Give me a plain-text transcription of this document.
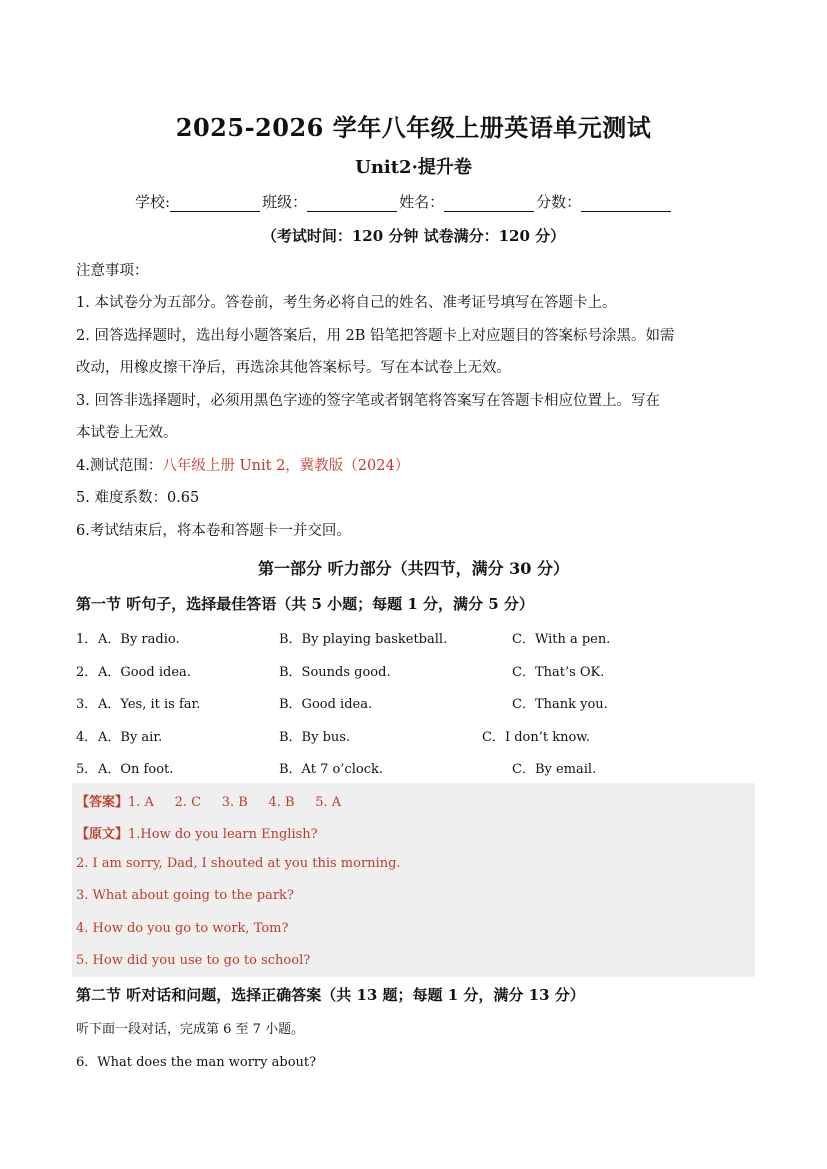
2025-2026 学年八年级上册英语单元测试
Unit2·提升卷
学校:	班级：	姓名：	分数：
（考试时间：120 分钟 试卷满分：120 分）
注意事项：
1. 本试卷分为五部分。答卷前，考生务必将自己的姓名、准考证号填写在答题卡上。
2. 回答选择题时，选出每小题答案后，用 2B 铅笔把答题卡上对应题目的答案标号涂黑。如需
改动，用橡皮擦干净后，再选涂其他答案标号。写在本试卷上无效。
3. 回答非选择题时，必须用黑色字迹的签字笔或者钢笔将答案写在答题卡相应位置上。写在
本试卷上无效。
4.测试范围：八年级上册 Unit 2，冀教版（2024）
5. 难度系数：0.65
6.考试结束后，将本卷和答题卡一并交回。
第一部分 听力部分（共四节，满分 30 分）
第一节 听句子，选择最佳答语（共 5 小题；每题 1 分，满分 5 分）
1． A．By radio.	B．By playing basketball.	C．With a pen.
2． A．Good idea.	B．Sounds good.	C．That’s OK.
3． A．Yes, it is far.	B．Good idea.	C．Thank you.
4． A．By air.	B．By bus.	C．I don’t know.
5． A．On foot.	B．At 7 o’clock.	C．By email.
【答案】1. A     2. C     3. B     4. B     5. A
【原文】1.How do you learn English?
2. I am sorry, Dad, I shouted at you this morning.
3. What about going to the park?
4. How do you go to work, Tom?
5. How did you use to go to school?
第二节 听对话和问题，选择正确答案（共 13 题；每题 1 分，满分 13 分）
听下面一段对话，完成第 6 至 7 小题。
6．What does the man worry about?
